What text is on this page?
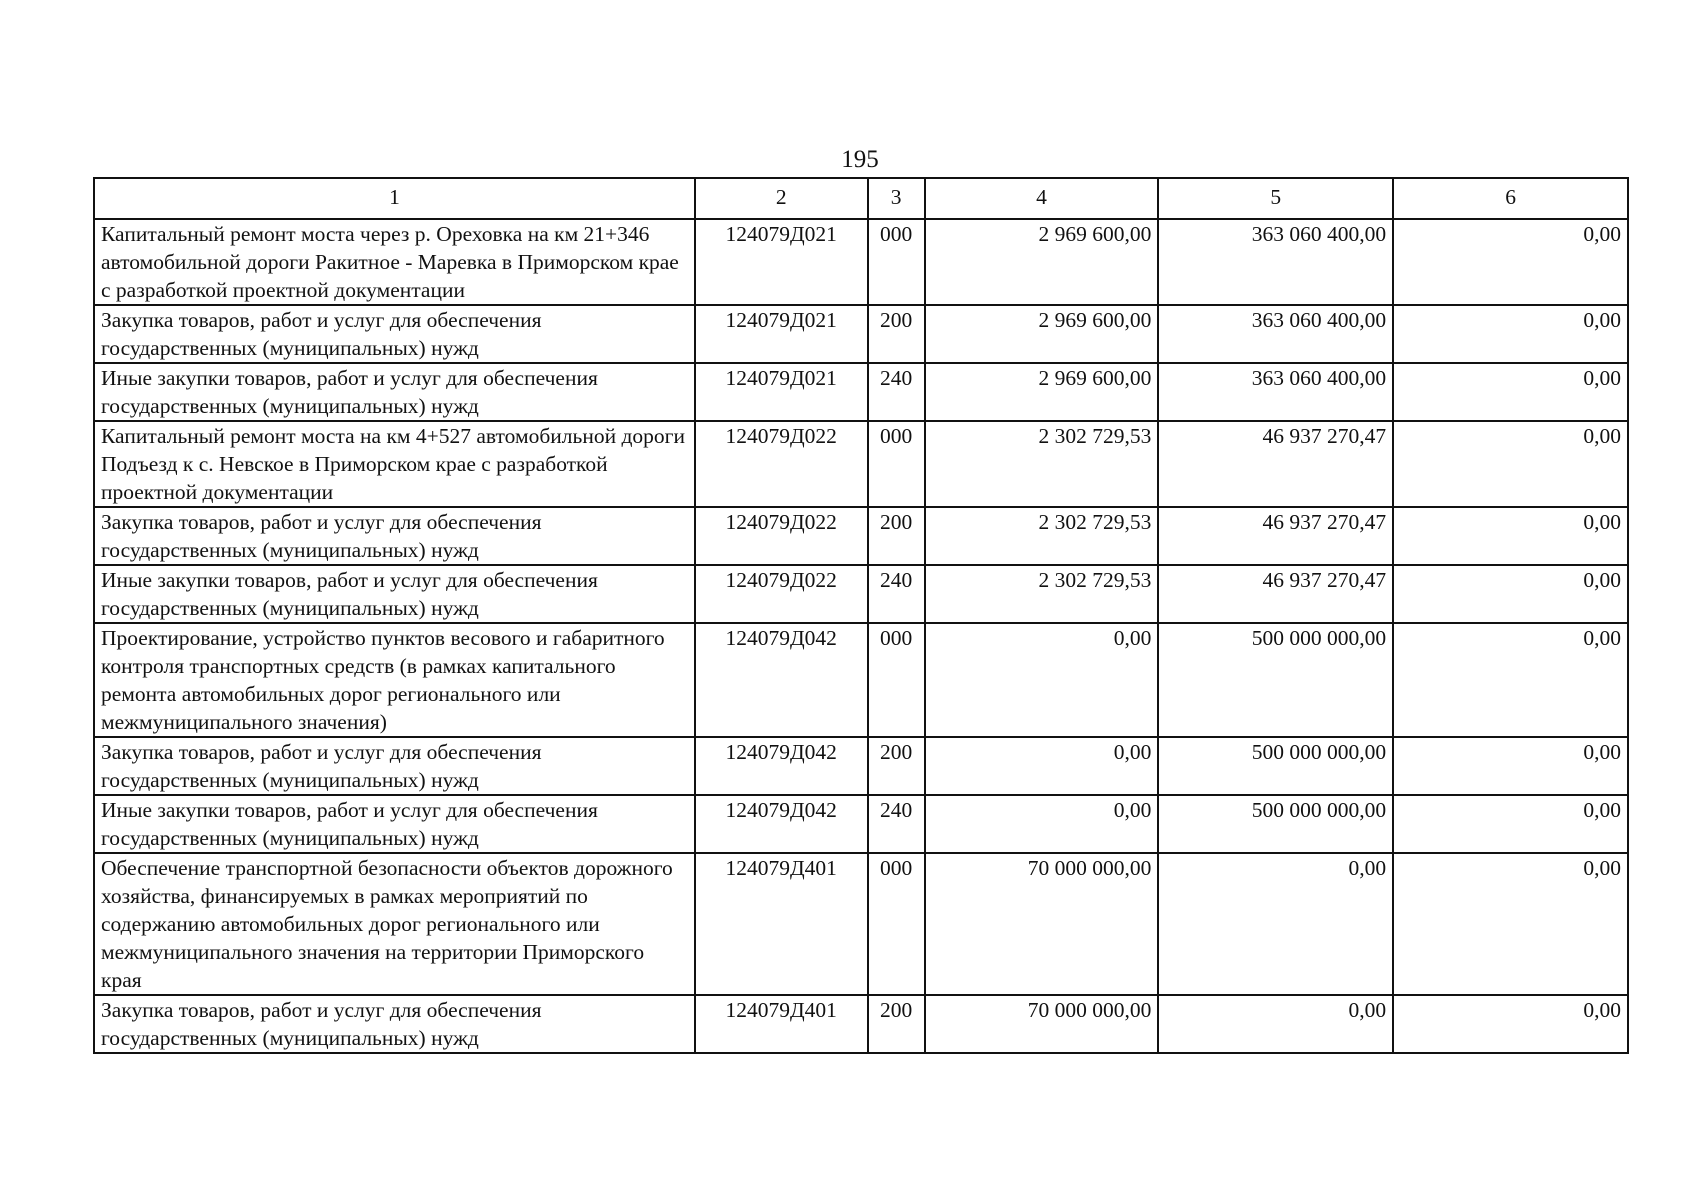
195
1	2	3	4	5	6
Капитальный ремонт моста через р. Ореховка на км 21+346 автомобильной дороги Ракитное - Маревка в Приморском крае с разработкой проектной документации	124079Д021	000	2 969 600,00	363 060 400,00	0,00
Закупка товаров, работ и услуг для обеспечения государственных (муниципальных) нужд	124079Д021	200	2 969 600,00	363 060 400,00	0,00
Иные закупки товаров, работ и услуг для обеспечения государственных (муниципальных) нужд	124079Д021	240	2 969 600,00	363 060 400,00	0,00
Капитальный ремонт моста на км 4+527 автомобильной дороги Подъезд к с. Невское в Приморском крае с разработкой проектной документации	124079Д022	000	2 302 729,53	46 937 270,47	0,00
Закупка товаров, работ и услуг для обеспечения государственных (муниципальных) нужд	124079Д022	200	2 302 729,53	46 937 270,47	0,00
Иные закупки товаров, работ и услуг для обеспечения государственных (муниципальных) нужд	124079Д022	240	2 302 729,53	46 937 270,47	0,00
Проектирование, устройство пунктов весового и габаритного контроля транспортных средств (в рамках капитального ремонта автомобильных дорог регионального или межмуниципального значения)	124079Д042	000	0,00	500 000 000,00	0,00
Закупка товаров, работ и услуг для обеспечения государственных (муниципальных) нужд	124079Д042	200	0,00	500 000 000,00	0,00
Иные закупки товаров, работ и услуг для обеспечения государственных (муниципальных) нужд	124079Д042	240	0,00	500 000 000,00	0,00
Обеспечение транспортной безопасности объектов дорожного хозяйства, финансируемых в рамках мероприятий по содержанию автомобильных дорог регионального или межмуниципального значения на территории Приморского края	124079Д401	000	70 000 000,00	0,00	0,00
Закупка товаров, работ и услуг для обеспечения государственных (муниципальных) нужд	124079Д401	200	70 000 000,00	0,00	0,00
